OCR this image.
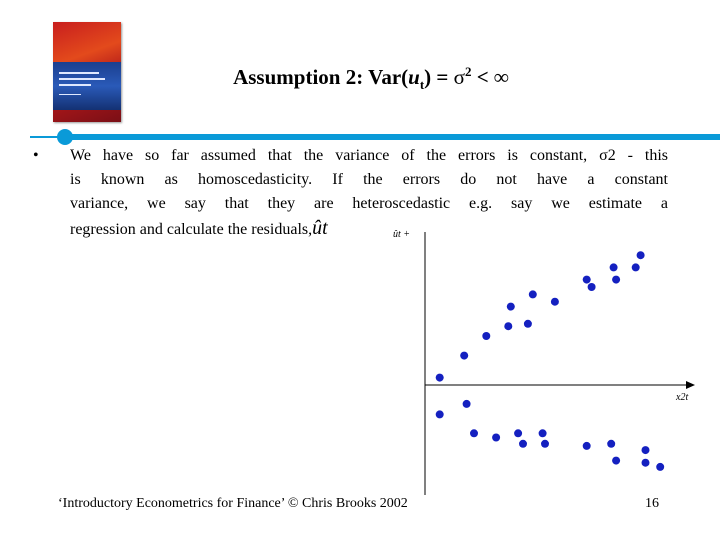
Assumption 2: $Var(u_t) = \sigma^2$ < ∞
• We have so far assumed that the variance of the errors is constant, σ2 - this
is known as homoscedasticity. If the errors do not have a constant
variance, we say that they are heteroscedastic e.g. say we estimate a
regression and calculate the residuals,ût
x2t
ût +
‘Introductory Econometrics for Finance’ © Chris Brooks 2002	16
